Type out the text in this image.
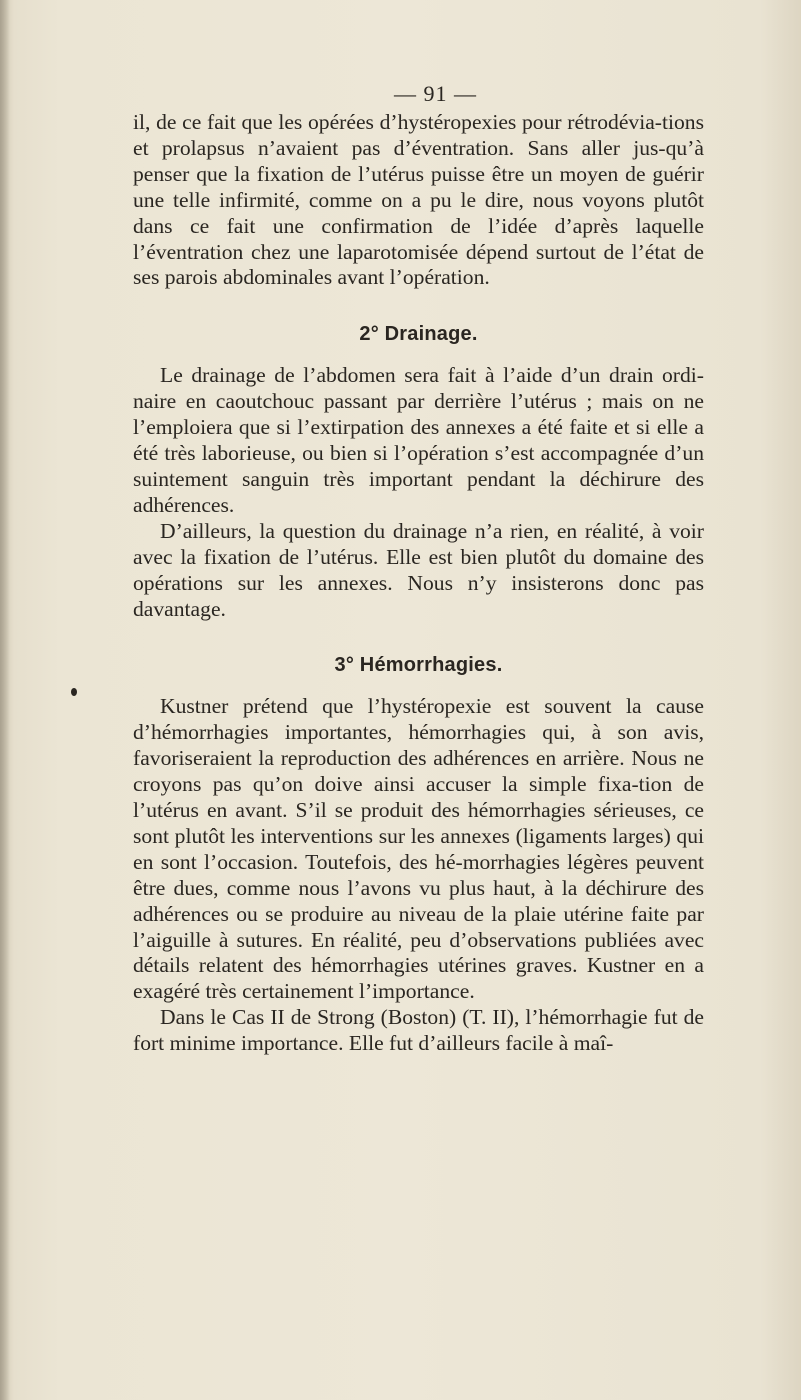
— 91 —

il, de ce fait que les opérées d’hystéropexies pour rétrodévia-tions et prolapsus n’avaient pas d’éventration. Sans aller jus-qu’à penser que la fixation de l’utérus puisse être un moyen de guérir une telle infirmité, comme on a pu le dire, nous voyons plutôt dans ce fait une confirmation de l’idée d’après laquelle l’éventration chez une laparotomisée dépend surtout de l’état de ses parois abdominales avant l’opération.

2° Drainage.

Le drainage de l’abdomen sera fait à l’aide d’un drain ordi-naire en caoutchouc passant par derrière l’utérus ; mais on ne l’emploiera que si l’extirpation des annexes a été faite et si elle a été très laborieuse, ou bien si l’opération s’est accompagnée d’un suintement sanguin très important pendant la déchirure des adhérences.

D’ailleurs, la question du drainage n’a rien, en réalité, à voir avec la fixation de l’utérus. Elle est bien plutôt du domaine des opérations sur les annexes. Nous n’y insisterons donc pas davantage.

3° Hémorrhagies.

Kustner prétend que l’hystéropexie est souvent la cause d’hémorrhagies importantes, hémorrhagies qui, à son avis, favoriseraient la reproduction des adhérences en arrière. Nous ne croyons pas qu’on doive ainsi accuser la simple fixa-tion de l’utérus en avant. S’il se produit des hémorrhagies sérieuses, ce sont plutôt les interventions sur les annexes (ligaments larges) qui en sont l’occasion. Toutefois, des hé-morrhagies légères peuvent être dues, comme nous l’avons vu plus haut, à la déchirure des adhérences ou se produire au niveau de la plaie utérine faite par l’aiguille à sutures. En réalité, peu d’observations publiées avec détails relatent des hémorrhagies utérines graves. Kustner en a exagéré très certainement l’importance.

Dans le Cas II de Strong (Boston) (T. II), l’hémorrhagie fut de fort minime importance. Elle fut d’ailleurs facile à maî-
